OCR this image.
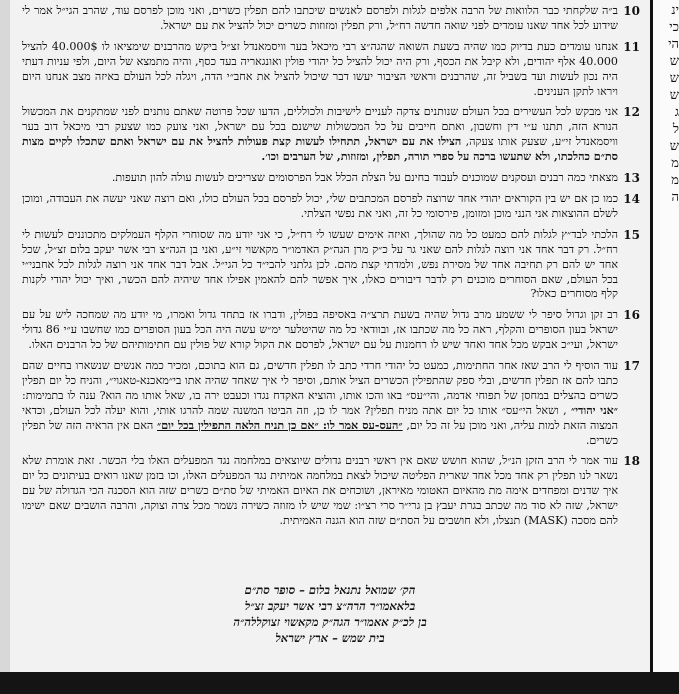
10
ב״ה שלקחתי כבר הלוואות של הרבה אלפים לגלות ולפרסם לאנשים שיכתבו להם תפלין כשרים, ואני מוכן לפרסם עוד, שהרב הגי״ל אמר לי שידוע לכל אחד שאנו עומדים לפני שואה חדשה רח״ל, ורק תפלין ומזוזות כשרים יכול להציל את עם ישראל.
11
אנחנו עומדים כעת בדיוק כמו שהיה בשעת השואה שהגה״צ רבי מיכאל בער וויסמאנדל זצ״ל ביקש מהרבנים שימציאו לו 40.000$ להציל 40.000 אלף יהודים, ולא קיבל את הכסף, ורק היה יכול להציל כל יהודי פולין ואונגאריה בעד כסף, והיה מתמצא של היום, ולפי עניות דעתי היה נכון לעשות ועד בשביל זה, שהרבנים וראשי הציבור יעשו דבר שיכול להציל את אחב״י הדה, ויגלה לכל העולם באיזה מצב אנחנו היום ויראו לתקן הענינים.
12
אני מבקש לכל העשירים בכל העולם שנותנים צדקה לעניים לישיבות ולכוללים, הדעו שכל פרוטה שאתם נותנים לפני שמתקנים את המכשול הנורא הזה, תתנו ע״י דין וחשבון, ואתם חייבים על כל המכשולות שישנם בכל עם ישראל, ואני צועק כמו שצעק רבי מיכאל דוב בער וויסמאנדל זי״ע, שצעק אותו צעקה, הצילו את עם ישראל, תתחילו לעשות קצת פעולות להציל את עם ישראל ואתם שתכלו לקיים מצות סת״ם כהלכתו, ולא שתעשו ברכה על ספרי תורה, תפלין, ומזוזות, של הערבים וכו׳.
13
מצאתי כמה רבנים ועסקנים שמוכנים לעבוד בחינם על הצלת הכלל אבל הפרסומים שצריכים לעשות עולה להון תועפות.
14
כמו כן אם יש בין הקוראים יהודי אחד שרוצה לפרסם המכתבים שלי, יכול לפרסם בכל העולם כולו, ואם רוצה שאני יעשה את העבודה, ומוכן לשלם ההוצאות אני הנני מוכן ומזומן, פירסומי כל זה, ואני את נפשי הצלתי.
15
הלכתי לבד״ץ לגלות להם כמעט כל מה שהולך, ואיזה אימים שעשו לי רח״ל, כי אני יודע מה שסוחרי הקלף העמלקים מתכוננים לעשות לי רח״ל. רק דבר אחד אני רוצה לגלות להם שאני גר על כ״ק מרן הגה״ק האדמו״ר מקאשוי זי״ע, ואני בן הגה״צ רבי אשר יעקב בלום זצ״ל, שכל אחד יש להם רק תחיבה אחד של מסירת נפש, ולמדתי קצת מהם. לכן גלתני להבי״ד כל הגי״ל. אבל דבר אחד אני רוצה לגלות לכל אחבני״י בכל העולם, שאם הסוחרים מוכנים רק לדבר דיבורים כאלו, איך אפשר להם להאמין אפילו אחד שיהיה להם הכשר, ואיך יכול יהודי לקנות קלף מסוחרים כאלו?
16
רב זקן וגדול סיפר לי ששמע מרב גדול שהיה בשעת תרצ״ה באסיפה בפולין, ודברו אז בתחד גדול ואמרו, מי יודע מה שמחכה ליש על עם ישראל בעון הסופרים והקלף, ראה כל מה שכתבו אז, ובוודאי כל מה שהיטלער ימ״ש עשה היה הכל בעון הסופרים כמו שחשבו ע״י 86 גדולי ישראל, ועי״כ אבקש מכל אחד ואחד שיש לו רחמנות על עם ישראל, לפרסם את הקול קורא של פולין עם חתימותיהם של כל הרבנים האלו.
17
עוד הוסיף לי הרב שאז אחר החתימות, כמעט כל יהודי חרדי כתב לו תפלין חדשים, גם הוא בתוכם, ומכיר כמה אנשים שנשארו בחיים שהם כתבו להם אז תפלין חדשים, ובלי ספק שהתפילין הכשרים הציל אותם, וסיפר לי איך שאחד שהיה אתו בי״מאכנא-טאגוי״, והניח כל יום תפלין כשרים בהצלים במחסן של תפוחי אדמה, והי״עס״ באו והכו אותו, והוציא האקדח נגדו וכעבט ירה בו, שאל אותו מה הוא? ענה לו בתמימות: ״אני יהודי״ , ושאל הי״עס״ אותו כל יום אתה מניח תפלין? אמר לו כן, וזה הביטו המשנה שמה להרגו אותי, והוא יעלה לכל העולם, וכדאי המצוה הזאת למות עליה, ואני מוכן על זה כל יום, ״העס-עס אמר לו: ״אם כן תניח הלאה התפילין בכל יום״ האם אין הראיה הזה של תפלין כשרים.
18
עוד אמר לי הרב הזקן הנ״ל, שהוא חושש שאם אין ראשי רבנים גדולים שיוצאים במלחמה נגד המפעלים האלו בלי הכשר. זאת אומרת שלא נשאר לנו תפלין רק אחד מכל אחד שארית הפליטה שיכול לצאת במלחמה אמיתית נגד המפעלים האלו, וכו בזמן שאנו רואים בעיתונים כל יום איך שדנים ומפחדים אימה מת מהאיום האטומי מאיראן, ושוכחים את האיום האמיתי של סת״ם כשרים שזה הוא הסכנה הכי הגדולה של עם ישראל, שזה לא סוד מה שכתב בגרת יעבץ בן גרי״ר סרי רצ״ו: שמי שיש לו מזוזה כשירה נשמר מכל צרה וצוקה, והרבה הושבים שאם ישימו להם מסכה (MASK) תנצלו, ולא חושבים על הסת״ם שזה הוא הגנה האמיתית.
הק׳ שמואל נתנאל בלום – סופר סת״ם
בלאאמו״ר הרה״צ רבי אשר יעקב זצ״ל
בן לכ״ק אאמו״ר הגה״ק מקאשוי זצוקללה״ה
בית שמש – ארץ ישראל
ינ
כי
הי
ש
ש
ש
ג
ל
ש
מ
מ
ה
